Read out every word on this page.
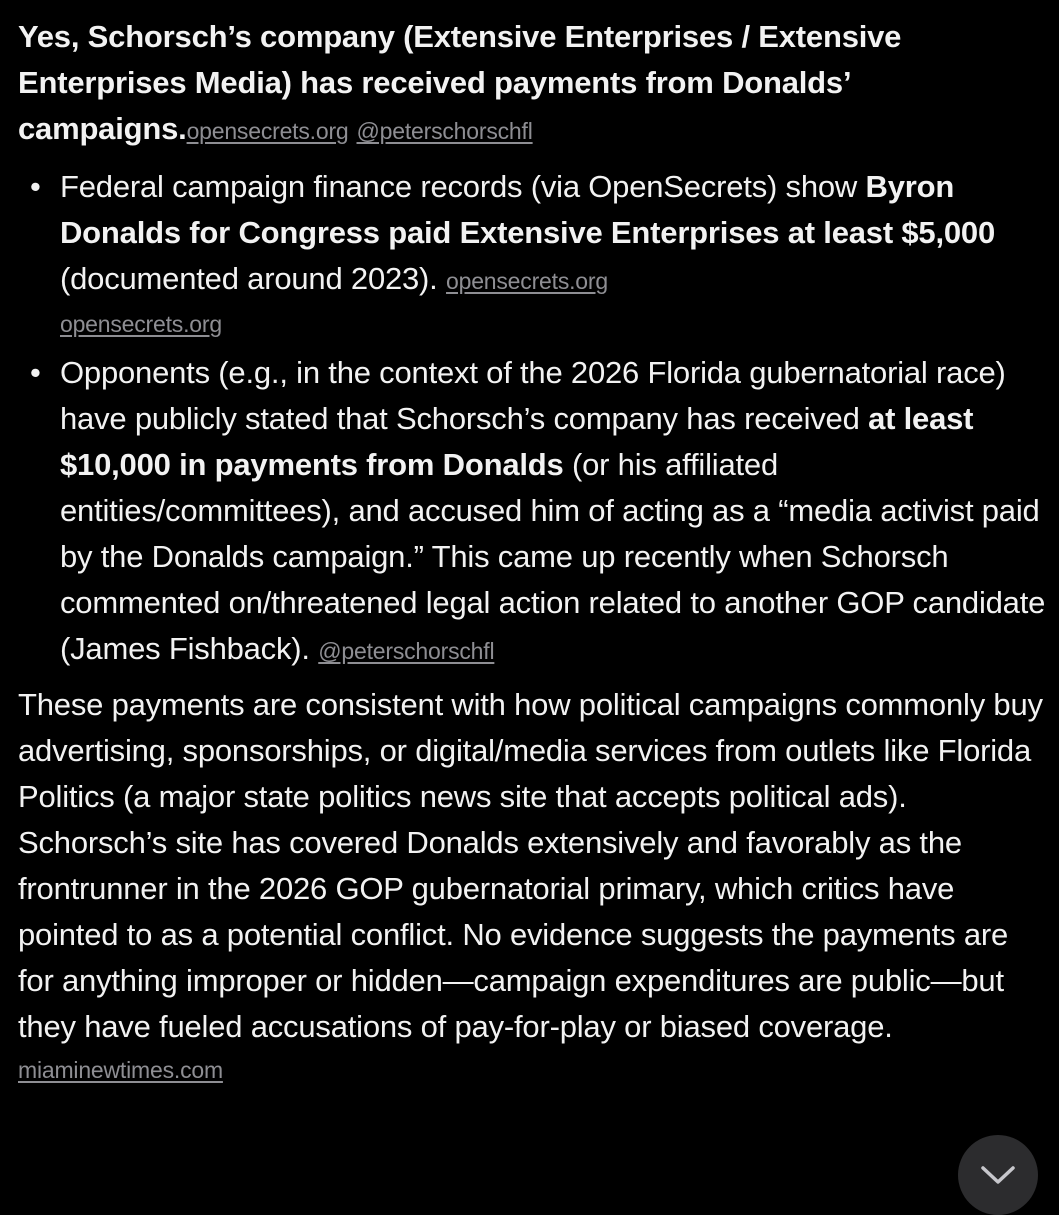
Yes, Schorsch’s company (Extensive Enterprises / Extensive Enterprises Media) has received payments from Donalds’ campaigns.opensecrets.org @peterschorschfl

• Federal campaign finance records (via OpenSecrets) show Byron Donalds for Congress paid Extensive Enterprises at least $5,000 (documented around 2023). opensecrets.org
opensecrets.org
• Opponents (e.g., in the context of the 2026 Florida gubernatorial race) have publicly stated that Schorsch’s company has received at least $10,000 in payments from Donalds (or his affiliated entities/committees), and accused him of acting as a “media activist paid by the Donalds campaign.” This came up recently when Schorsch commented on/threatened legal action related to another GOP candidate (James Fishback). @peterschorschfl

These payments are consistent with how political campaigns commonly buy advertising, sponsorships, or digital/media services from outlets like Florida Politics (a major state politics news site that accepts political ads). Schorsch’s site has covered Donalds extensively and favorably as the frontrunner in the 2026 GOP gubernatorial primary, which critics have pointed to as a potential conflict. No evidence suggests the payments are for anything improper or hidden—campaign expenditures are public—but they have fueled accusations of pay-for-play or biased coverage.
miaminewtimes.com
